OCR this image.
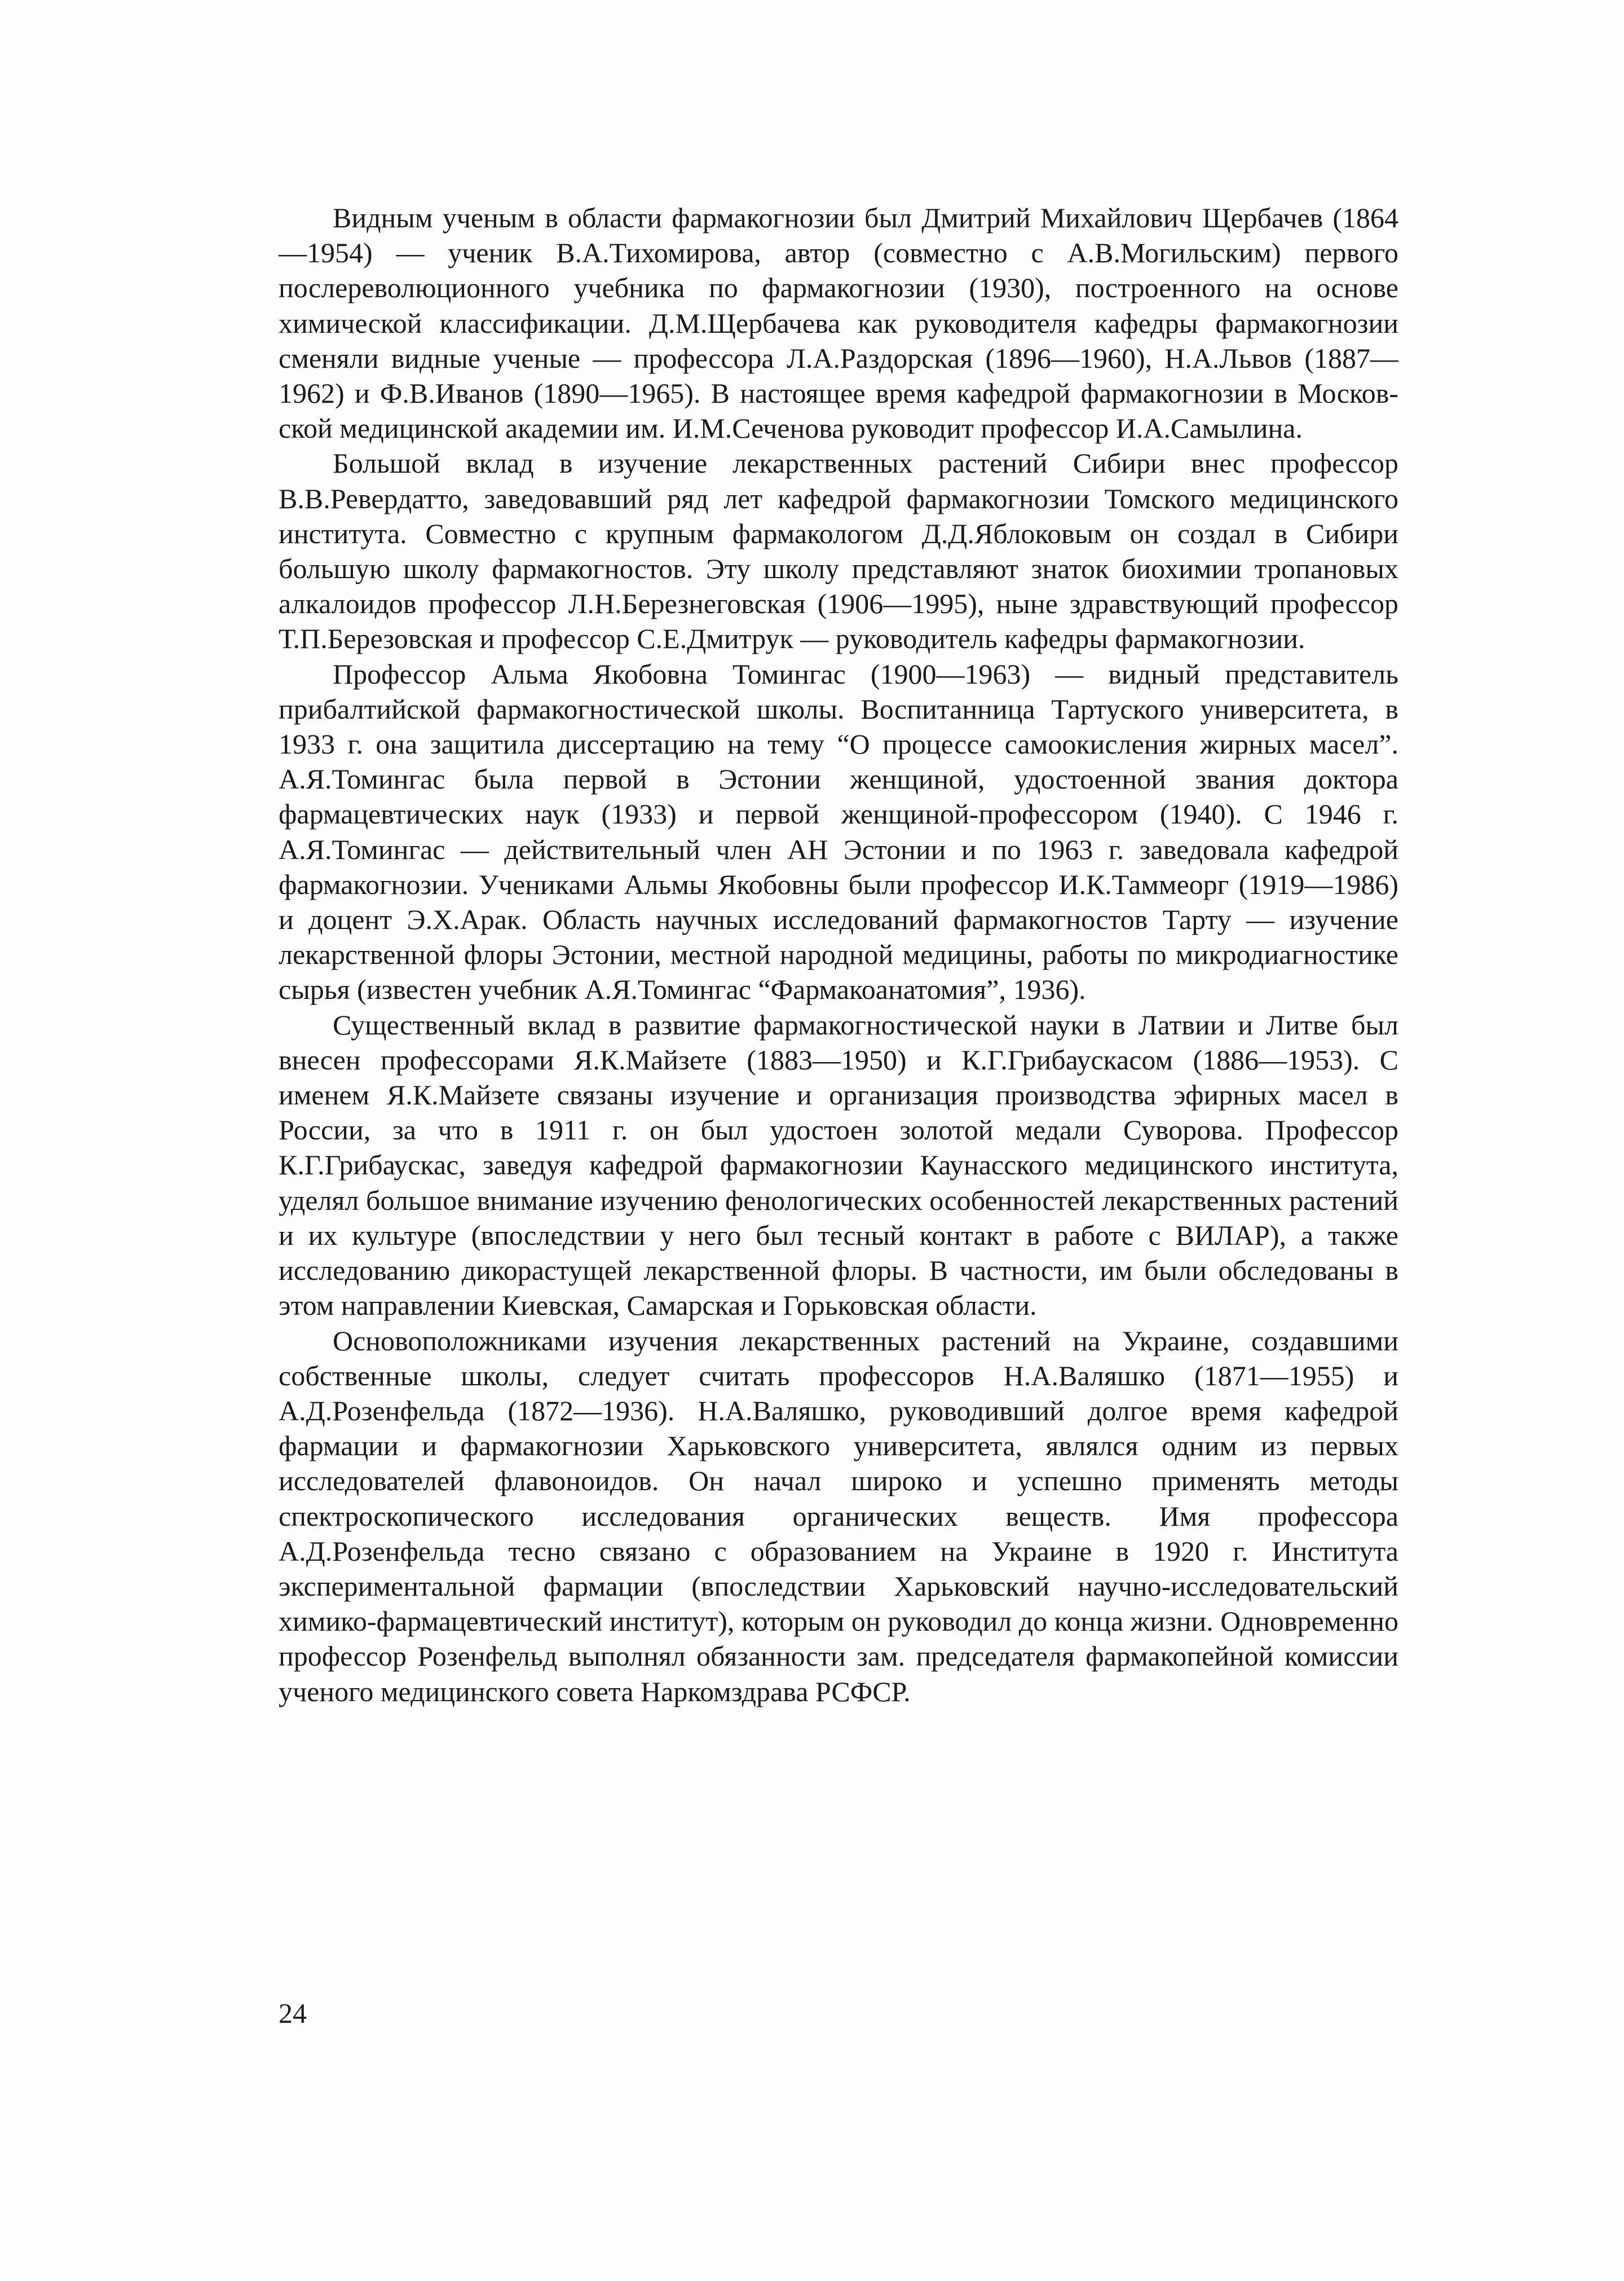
Видным ученым в области фармакогнозии был Дмитрий Михайлович Щербачев (1864—1954) — ученик В.А.Тихомирова, автор (совместно с А.В.Могильским) первого послереволюционного учебника по фармакогнозии (1930), построенного на основе химической классификации. Д.М.Щербачева как руководителя кафедры фармакогнозии сменяли видные ученые — профессора Л.А.Раздорская (1896—1960), Н.А.Львов (1887—1962) и Ф.В.Иванов (1890—1965). В настоящее время кафедрой фармакогнозии в Московской медицинской академии им. И.М.Сеченова руководит профессор И.А.Самылина.

Большой вклад в изучение лекарственных растений Сибири внес профессор В.В.Ревердатто, заведовавший ряд лет кафедрой фармакогнозии Томского медицинского института. Совместно с крупным фармакологом Д.Д.Яблоковым он создал в Сибири большую школу фармакогностов. Эту школу представляют знаток биохимии тропановых алкалоидов профессор Л.Н.Березнеговская (1906—1995), ныне здравствующий профессор Т.П.Березовская и профессор С.Е.Дмитрук — руководитель кафедры фармакогнозии.

Профессор Альма Якобовна Томингас (1900—1963) — видный представитель прибалтийской фармакогностической школы. Воспитанница Тартуского университета, в 1933 г. она защитила диссертацию на тему “О процессе самоокисления жирных масел”. А.Я.Томингас была первой в Эстонии женщиной, удостоенной звания доктора фармацевтических наук (1933) и первой женщиной-профессором (1940). С 1946 г. А.Я.Томингас — действительный член АН Эстонии и по 1963 г. заведовала кафедрой фармакогнозии. Учениками Альмы Якобовны были профессор И.К.Таммеорг (1919—1986) и доцент Э.Х.Арак. Область научных исследований фармакогностов Тарту — изучение лекарственной флоры Эстонии, местной народной медицины, работы по микродиагностике сырья (известен учебник А.Я.Томингас “Фармакоанатомия”, 1936).

Существенный вклад в развитие фармакогностической науки в Латвии и Литве был внесен профессорами Я.К.Майзете (1883—1950) и К.Г.Грибаускасом (1886—1953). С именем Я.К.Майзете связаны изучение и организация производства эфирных масел в России, за что в 1911 г. он был удостоен золотой медали Суворова. Профессор К.Г.Грибаускас, заведуя кафедрой фармакогнозии Каунасского медицинского института, уделял большое внимание изучению фенологических особенностей лекарственных растений и их культуре (впоследствии у него был тесный контакт в работе с ВИЛАР), а также исследованию дикорастущей лекарственной флоры. В частности, им были обследованы в этом направлении Киевская, Самарская и Горьковская области.

Основоположниками изучения лекарственных растений на Украине, создавшими собственные школы, следует считать профессоров Н.А.Валяшко (1871—1955) и А.Д.Розенфельда (1872—1936). Н.А.Валяшко, руководивший долгое время кафедрой фармации и фармакогнозии Харьковского университета, являлся одним из первых исследователей флавоноидов. Он начал широко и успешно применять методы спектроскопического исследования органических веществ. Имя профессора А.Д.Розенфельда тесно связано с образованием на Украине в 1920 г. Института экспериментальной фармации (впоследствии Харьковский научно-исследовательский химико-фармацевтический институт), которым он руководил до конца жизни. Одновременно профессор Розенфельд выполнял обязанности зам. председателя фармакопейной комиссии ученого медицинского совета Наркомздрава РСФСР.

24
